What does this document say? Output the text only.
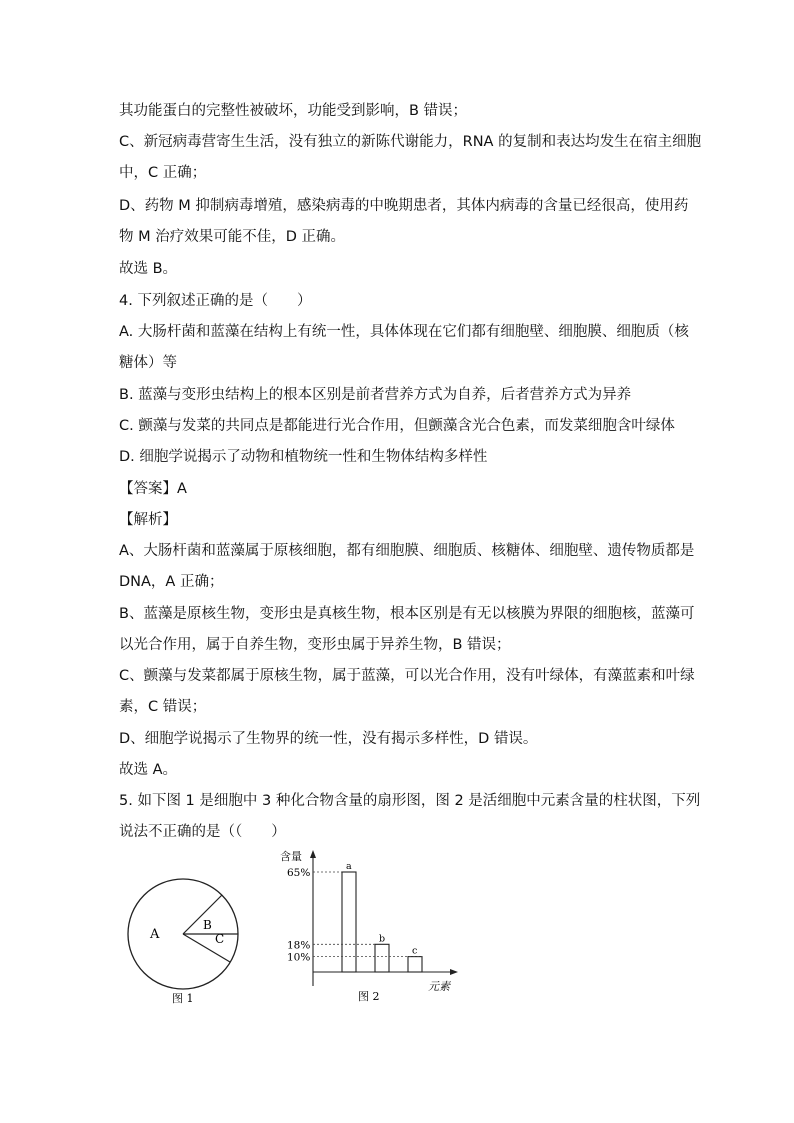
其功能蛋白的完整性被破坏，功能受到影响，B 错误；
C、新冠病毒营寄生生活，没有独立的新陈代谢能力，RNA 的复制和表达均发生在宿主细胞
中，C 正确；
D、药物 M 抑制病毒增殖，感染病毒的中晚期患者，其体内病毒的含量已经很高，使用药
物 M 治疗效果可能不佳，D 正确。
故选 B。
4. 下列叙述正确的是（　　）
A. 大肠杆菌和蓝藻在结构上有统一性，具体体现在它们都有细胞壁、细胞膜、细胞质（核
糖体）等
B. 蓝藻与变形虫结构上的根本区别是前者营养方式为自养，后者营养方式为异养
C. 颤藻与发菜的共同点是都能进行光合作用，但颤藻含光合色素，而发菜细胞含叶绿体
D. 细胞学说揭示了动物和植物统一性和生物体结构多样性
【答案】A
【解析】
A、大肠杆菌和蓝藻属于原核细胞，都有细胞膜、细胞质、核糖体、细胞壁、遗传物质都是
DNA，A 正确；
B、蓝藻是原核生物，变形虫是真核生物，根本区别是有无以核膜为界限的细胞核，蓝藻可
以光合作用，属于自养生物，变形虫属于异养生物，B 错误；
C、颤藻与发菜都属于原核生物，属于蓝藻，可以光合作用，没有叶绿体，有藻蓝素和叶绿
素，C 错误；
D、细胞学说揭示了生物界的统一性，没有揭示多样性，D 错误。
故选 A。
5. 如下图 1 是细胞中 3 种化合物含量的扇形图，图 2 是活细胞中元素含量的柱状图，下列
说法不正确的是（（　　）
A
B
C
图 1
含量
元素
图 2
65%
a
18%
b
10%
c
